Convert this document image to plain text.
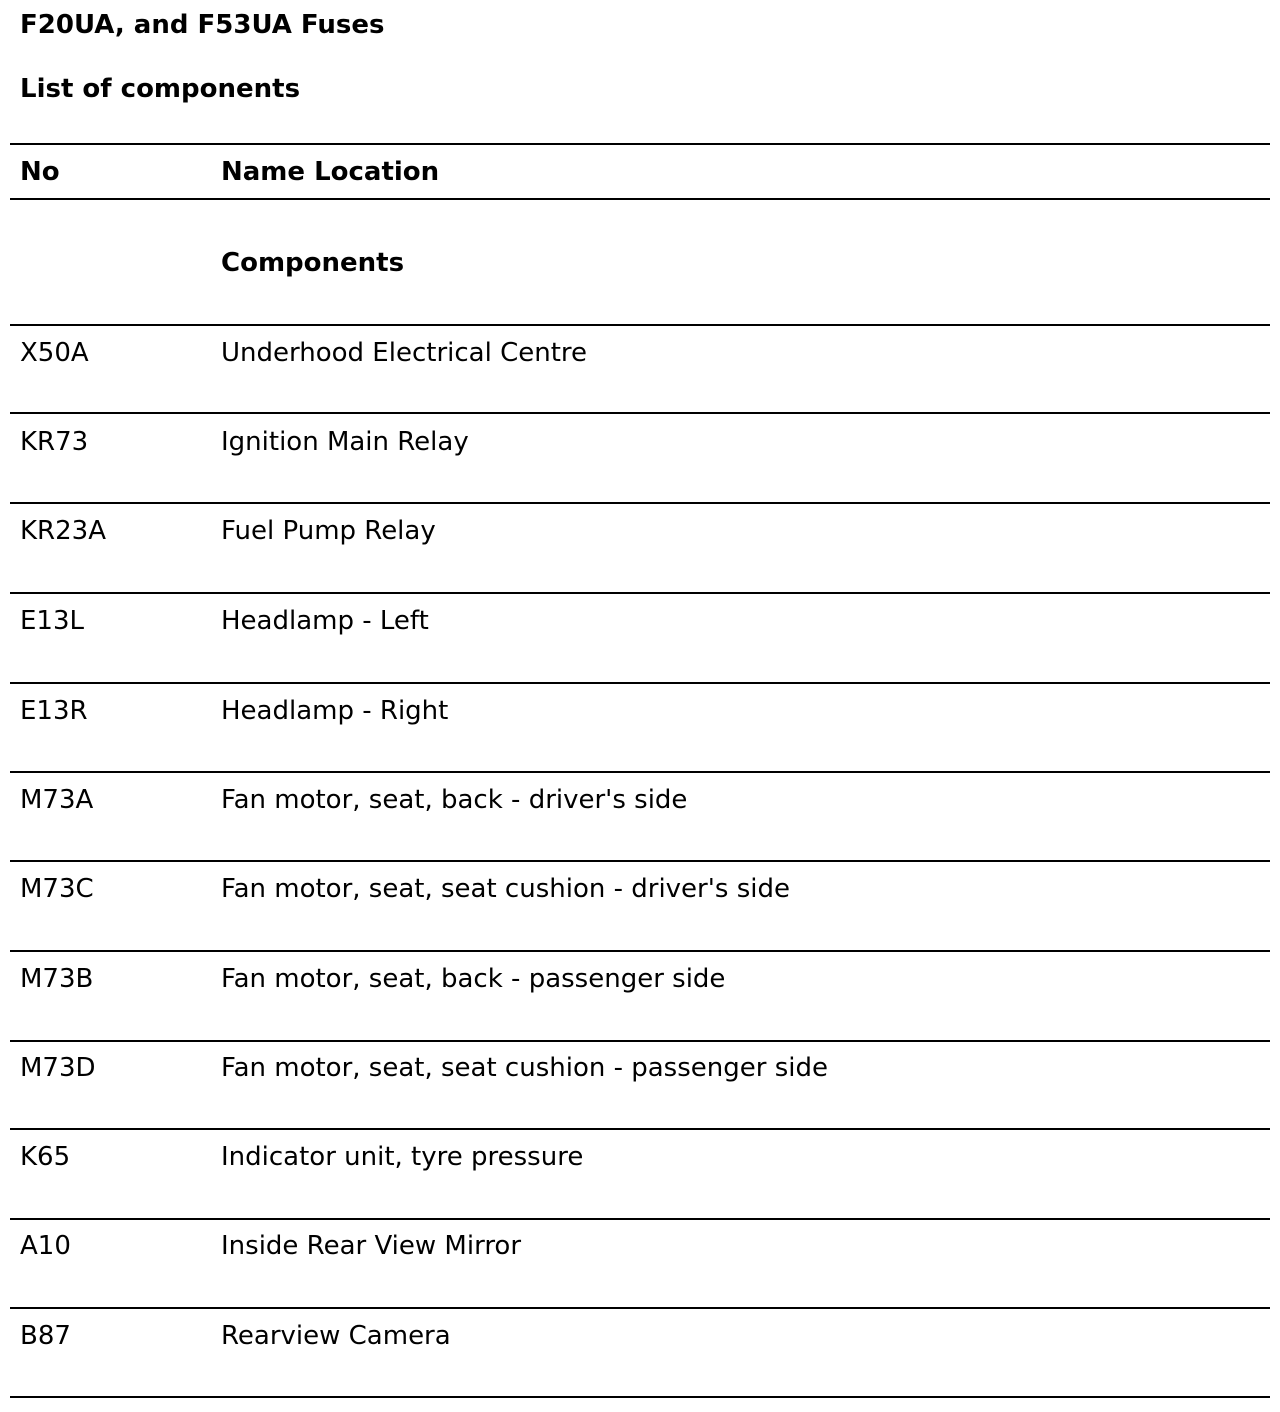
F20UA, and F53UA Fuses
List of components
No	Name Location
Components
X50A	Underhood Electrical Centre
KR73	Ignition Main Relay
KR23A	Fuel Pump Relay
E13L	Headlamp - Left
E13R	Headlamp - Right
M73A	Fan motor, seat, back - driver's side
M73C	Fan motor, seat, seat cushion - driver's side
M73B	Fan motor, seat, back - passenger side
M73D	Fan motor, seat, seat cushion - passenger side
K65	Indicator unit, tyre pressure
A10	Inside Rear View Mirror
B87	Rearview Camera
